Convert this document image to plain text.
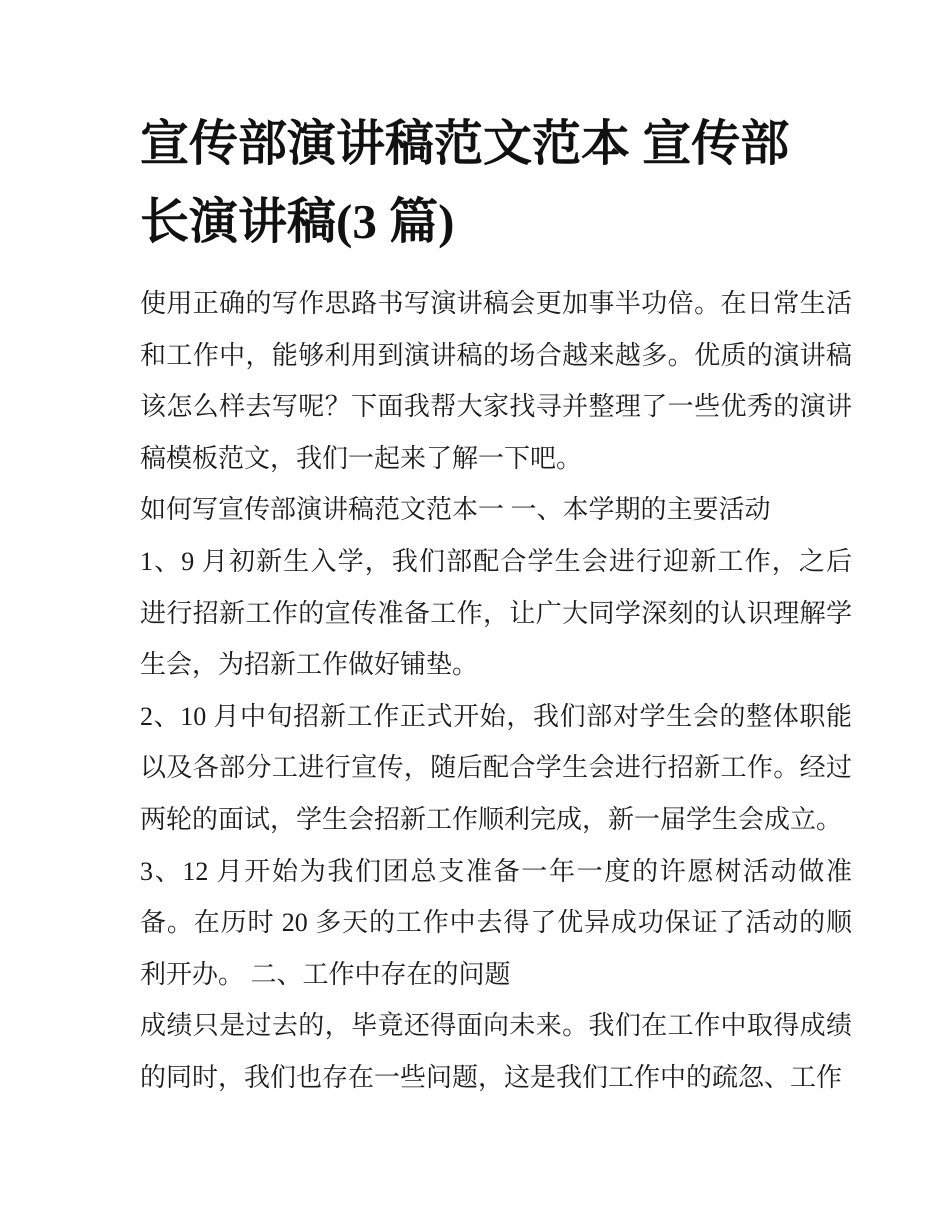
宣传部演讲稿范文范本 宣传部
长演讲稿(3 篇)

使用正确的写作思路书写演讲稿会更加事半功倍。在日常生活
和工作中，能够利用到演讲稿的场合越来越多。优质的演讲稿
该怎么样去写呢？下面我帮大家找寻并整理了一些优秀的演讲
稿模板范文，我们一起来了解一下吧。

如何写宣传部演讲稿范文范本一 一、本学期的主要活动

1、9 月初新生入学，我们部配合学生会进行迎新工作，之后
进行招新工作的宣传准备工作，让广大同学深刻的认识理解学
生会，为招新工作做好铺垫。

2、10 月中旬招新工作正式开始，我们部对学生会的整体职能
以及各部分工进行宣传，随后配合学生会进行招新工作。经过
两轮的面试，学生会招新工作顺利完成，新一届学生会成立。

3、12 月开始为我们团总支准备一年一度的许愿树活动做准
备。在历时 20 多天的工作中去得了优异成功保证了活动的顺
利开办。 二、工作中存在的问题

成绩只是过去的，毕竟还得面向未来。我们在工作中取得成绩
的同时，我们也存在一些问题，这是我们工作中的疏忽、工作
